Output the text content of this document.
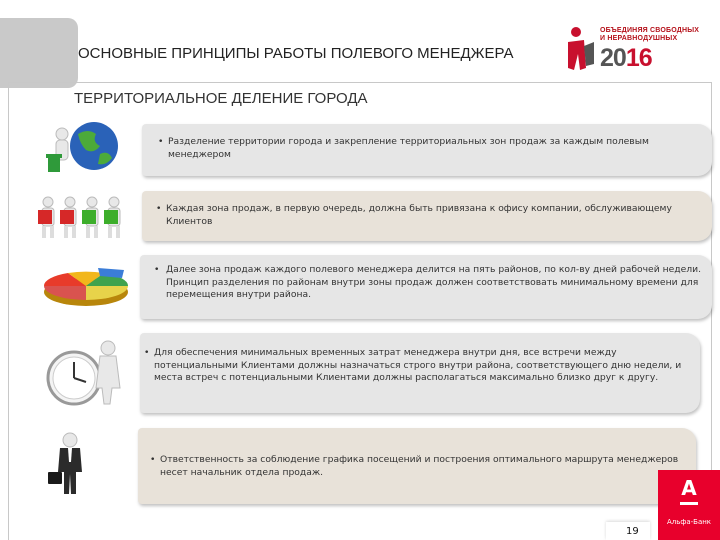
ОСНОВНЫЕ ПРИНЦИПЫ РАБОТЫ ПОЛЕВОГО МЕНЕДЖЕРА
ТЕРРИТОРИАЛЬНОЕ ДЕЛЕНИЕ ГОРОДА
ОБЪЕДИНЯЯ СВОБОДНЫХ
И НЕРАВНОДУШНЫХ
2016
• Разделение территории города и закрепление территориальных зон продаж за каждым полевым менеджером
• Каждая зона продаж, в первую очередь, должна быть привязана к офису компании, обслуживающему Клиентов
• Далее зона продаж каждого полевого менеджера делится на пять районов, по кол-ву дней рабочей недели. Принцип разделения по районам внутри зоны продаж должен соответствовать минимальному времени для перемещения внутри района.
• Для обеспечения минимальных временных затрат менеджера внутри дня, все встречи между потенциальными Клиентами должны назначаться строго внутри района, соответствующего дню недели, и места встреч с потенциальными Клиентами должны располагаться максимально близко друг к другу.
• Ответственность за соблюдение графика посещений и построения оптимального маршрута менеджеров несет начальник отдела продаж.
19
А
Альфа-Банк
